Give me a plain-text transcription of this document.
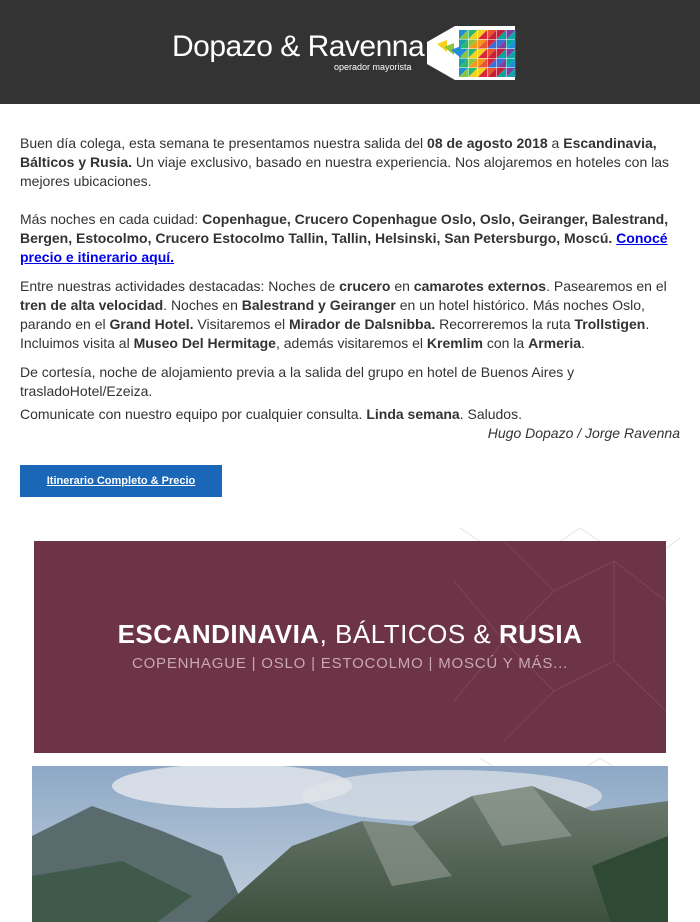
Dopazo & Ravenna
operador mayorista

Buen día colega, esta semana te presentamos nuestra salida del 08 de agosto 2018 a Escandinavia, Bálticos y Rusia. Un viaje exclusivo, basado en nuestra experiencia. Nos alojaremos en hoteles con las mejores ubicaciones.

Más noches en cada cuidad: Copenhague, Crucero Copenhague Oslo, Oslo, Geiranger, Balestrand, Bergen, Estocolmo, Crucero Estocolmo Tallin, Tallin, Helsinski, San Petersburgo, Moscú. Conocé precio e itinerario aquí.

Entre nuestras actividades destacadas: Noches de crucero en camarotes externos. Pasearemos en el tren de alta velocidad. Noches en Balestrand y Geiranger en un hotel histórico. Más noches Oslo, parando en el Grand Hotel. Visitaremos el Mirador de Dalsnibba. Recorreremos la ruta Trollstigen. Incluimos visita al Museo Del Hermitage, además visitaremos el Kremlim con la Armeria.

De cortesía, noche de alojamiento previa a la salida del grupo en hotel de Buenos Aires y trasladoHotel/Ezeiza.

Comunicate con nuestro equipo por cualquier consulta. Linda semana. Saludos.

Hugo Dopazo / Jorge Ravenna

Itinerario Completo & Precio
ESCANDINAVIA, BÁLTICOS & RUSIA
COPENHAGUE | OSLO | ESTOCOLMO | MOSCÚ Y MÁS...
